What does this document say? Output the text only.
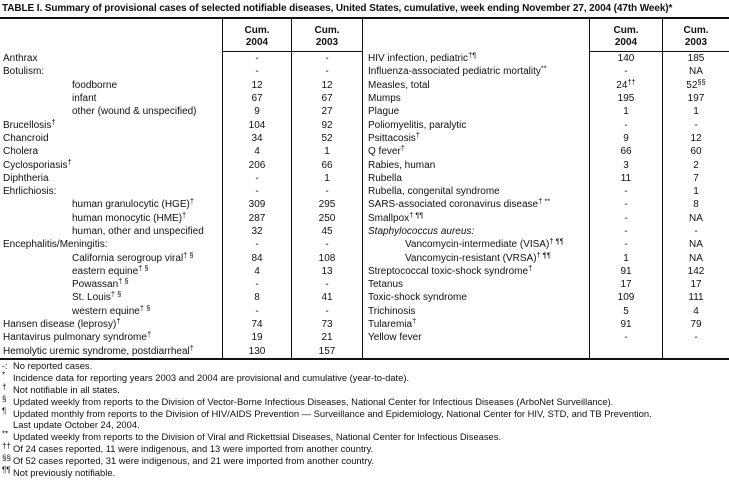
TABLE I. Summary of provisional cases of selected notifiable diseases, United States, cumulative, week ending November 27, 2004 (47th Week)*
Cum.
2004
Cum.
2003
Anthrax	-	-
Botulism:	-	-
foodborne	12	12
infant	67	67
other (wound & unspecified)	9	27
Brucellosis†	104	92
Chancroid	34	52
Cholera	4	1
Cyclosporiasis†	206	66
Diphtheria	-	1
Ehrlichiosis:	-	-
human granulocytic (HGE)†	309	295
human monocytic (HME)†	287	250
human, other and unspecified	32	45
Encephalitis/Meningitis:	-	-
California serogroup viral† §	84	108
eastern equine† §	4	13
Powassan† §	-	-
St. Louis† §	8	41
western equine† §	-	-
Hansen disease (leprosy)†	74	73
Hantavirus pulmonary syndrome†	19	21
Hemolytic uremic syndrome, postdiarrheal†	130	157
Cum.
2004
Cum.
2003
HIV infection, pediatric†¶	140	185
Influenza-associated pediatric mortality**	-	NA
Measles, total	24††	52§§
Mumps	195	197
Plague	1	1
Poliomyelitis, paralytic	-	-
Psittacosis†	9	12
Q fever†	66	60
Rabies, human	3	2
Rubella	11	7
Rubella, congenital syndrome	-	1
SARS-associated coronavirus disease† **	-	8
Smallpox† ¶¶	-	NA
Staphylococcus aureus:	-	-
Vancomycin-intermediate (VISA)† ¶¶	-	NA
Vancomycin-resistant (VRSA)† ¶¶	1	NA
Streptococcal toxic-shock syndrome†	91	142
Tetanus	17	17
Toxic-shock syndrome	109	111
Trichinosis	5	4
Tularemia†	91	79
Yellow fever	-	-
-: No reported cases.
* Incidence data for reporting years 2003 and 2004 are provisional and cumulative (year-to-date).
† Not notifiable in all states.
§ Updated weekly from reports to the Division of Vector-Borne Infectious Diseases, National Center for Infectious Diseases (ArboNet Surveillance).
¶ Updated monthly from reports to the Division of HIV/AIDS Prevention — Surveillance and Epidemiology, National Center for HIV, STD, and TB Prevention.
Last update October 24, 2004.
** Updated weekly from reports to the Division of Viral and Rickettsial Diseases, National Center for Infectious Diseases.
†† Of 24 cases reported, 11 were indigenous, and 13 were imported from another country.
§§ Of 52 cases reported, 31 were indigenous, and 21 were imported from another country.
¶¶ Not previously notifiable.
